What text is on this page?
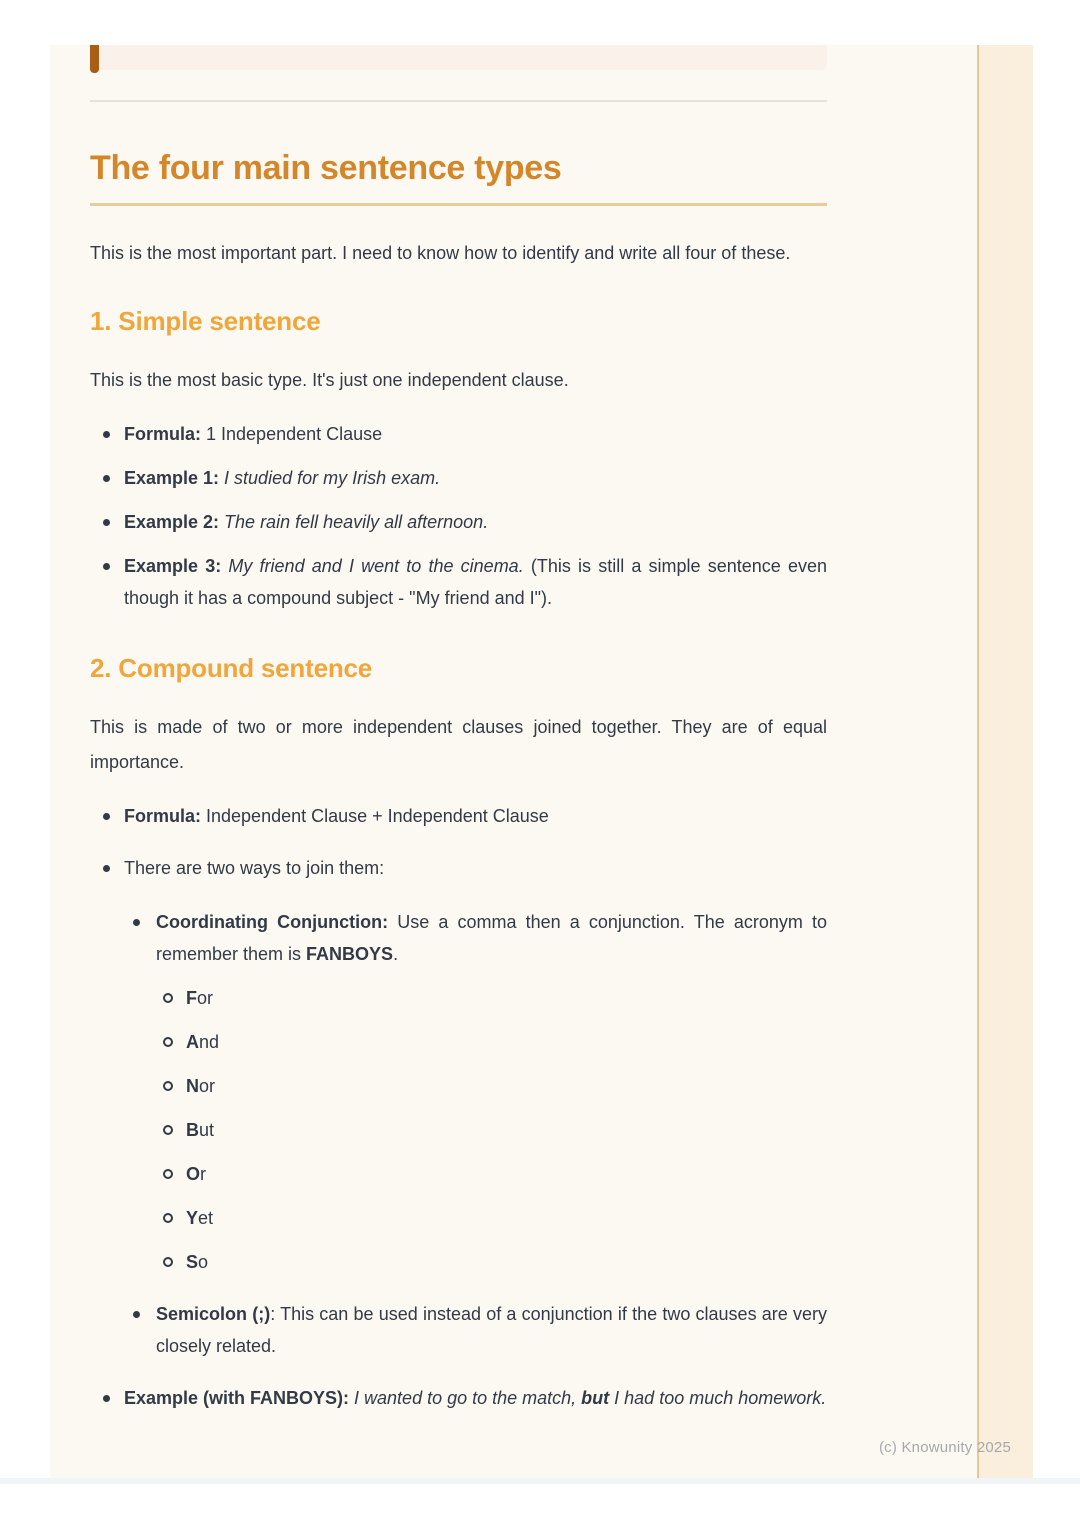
The four main sentence types

This is the most important part. I need to know how to identify and write all four of these.

1. Simple sentence

This is the most basic type. It's just one independent clause.

Formula: 1 Independent Clause
Example 1: I studied for my Irish exam.
Example 2: The rain fell heavily all afternoon.
Example 3: My friend and I went to the cinema. (This is still a simple sentence even though it has a compound subject - "My friend and I").
2. Compound sentence

This is made of two or more independent clauses joined together. They are of equal importance.

Formula: Independent Clause + Independent Clause
There are two ways to join them:
Coordinating Conjunction: Use a comma then a conjunction. The acronym to remember them is FANBOYS.
For
And
Nor
But
Or
Yet
So
Semicolon (;): This can be used instead of a conjunction if the two clauses are very closely related.
Example (with FANBOYS): I wanted to go to the match, but I had too much homework.
(c) Knowunity 2025
